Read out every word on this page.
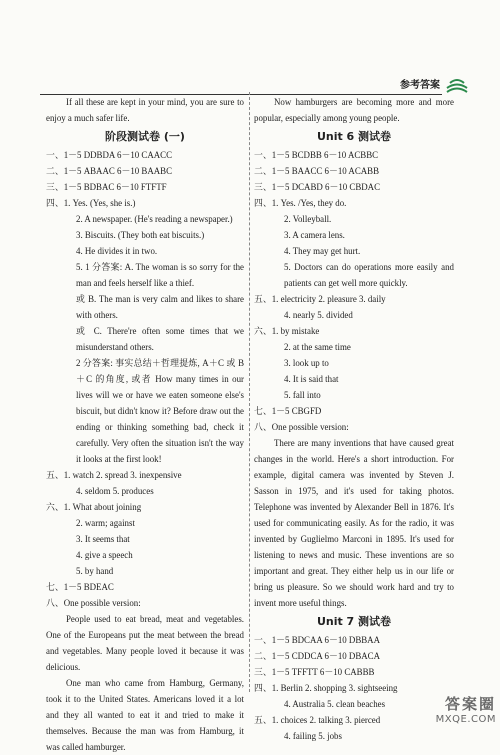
参考答案
If all these are kept in your mind, you are sure to enjoy a much safer life.
阶段测试卷 (一)
一、1－5 DDBDA 6－10 CAACC
二、1－5 ABAAC 6－10 BAABC
三、1－5 BDBAC 6－10 FTFTF
四、1. Yes. (Yes, she is.)
2. A newspaper. (He's reading a newspaper.)
3. Biscuits. (They both eat biscuits.)
4. He divides it in two.
5. 1 分答案: A. The woman is so sorry for the man and feels herself like a thief.
或 B. The man is very calm and likes to share with others.
或 C. There're often some times that we misunderstand others.
2 分答案: 事实总结＋哲理提炼, A＋C 或 B＋C 的角度, 或者 How many times in our lives will we or have we eaten someone else's biscuit, but didn't know it? Before draw out the ending or thinking something bad, check it carefully. Very often the situation isn't the way it looks at the first look!
五、1. watch 2. spread 3. inexpensive
4. seldom 5. produces
六、1. What about joining
2. warm; against
3. It seems that
4. give a speech
5. by hand
七、1－5 BDEAC
八、One possible version:
People used to eat bread, meat and vegetables. One of the Europeans put the meat between the bread and vegetables. Many people loved it because it was delicious.
One man who came from Hamburg, Germany, took it to the United States. Americans loved it a lot and they all wanted to eat it and tried to make it themselves. Because the man was from Hamburg, it was called hamburger.
Now hamburgers are becoming more and more popular, especially among young people.
Unit 6 测试卷
一、1－5 BCDBB 6－10 ACBBC
二、1－5 BAACC 6－10 ACABB
三、1－5 DCABD 6－10 CBDAC
四、1. Yes. /Yes, they do.
2. Volleyball.
3. A camera lens.
4. They may get hurt.
5. Doctors can do operations more easily and patients can get well more quickly.
五、1. electricity 2. pleasure 3. daily
4. nearly 5. divided
六、1. by mistake
2. at the same time
3. look up to
4. It is said that
5. fall into
七、1－5 CBGFD
八、One possible version:
There are many inventions that have caused great changes in the world. Here's a short introduction. For example, digital camera was invented by Steven J. Sasson in 1975, and it's used for taking photos. Telephone was invented by Alexander Bell in 1876. It's used for communicating easily. As for the radio, it was invented by Guglielmo Marconi in 1895. It's used for listening to news and music. These inventions are so important and great. They either help us in our life or bring us pleasure. So we should work hard and try to invent more useful things.
Unit 7 测试卷
一、1－5 BDCAA 6－10 DBBAA
二、1－5 CDDCA 6－10 DBACA
三、1－5 TFFTT 6－10 CABBB
四、1. Berlin 2. shopping 3. sightseeing
4. Australia 5. clean beaches
五、1. choices 2. talking 3. pierced
4. failing 5. jobs
答案圈
MXQE.COM
